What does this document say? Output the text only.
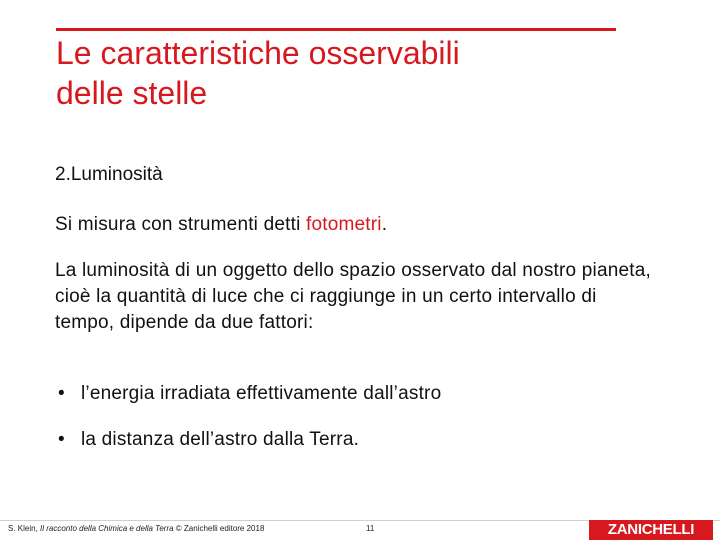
Le caratteristiche osservabili
delle stelle
2.Luminosità
Si misura con strumenti detti fotometri.
La luminosità di un oggetto dello spazio osservato dal nostro pianeta, cioè la quantità di luce che ci raggiunge in un certo intervallo di tempo, dipende da due fattori:
• l’energia irradiata effettivamente dall’astro
• la distanza dell’astro dalla Terra.
S. Klein, Il racconto della Chimica e della Terra © Zanichelli editore 2018	11	ZANICHELLI
